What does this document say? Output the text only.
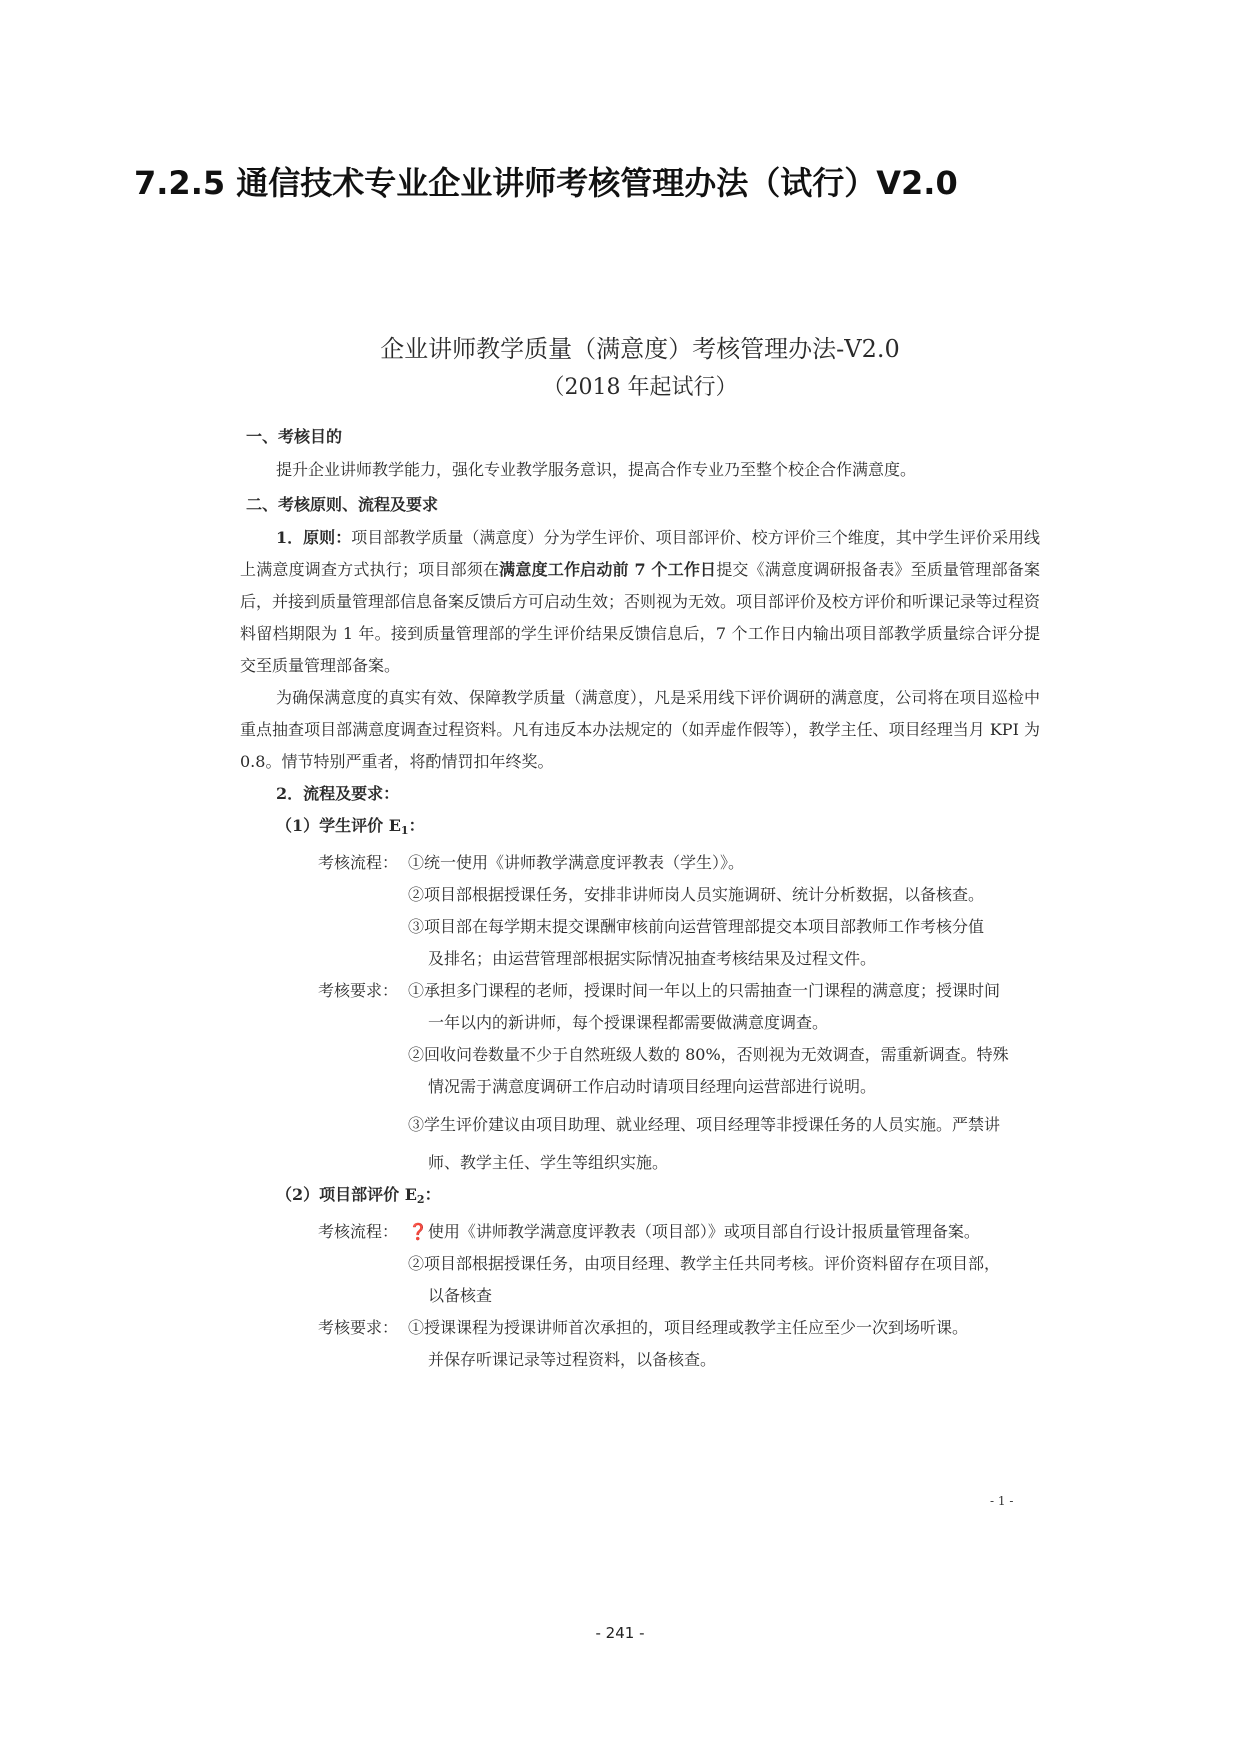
7.2.5 通信技术专业企业讲师考核管理办法（试行）V2.0

企业讲师教学质量（满意度）考核管理办法-V2.0

（2018 年起试行）

一、考核目的

提升企业讲师教学能力，强化专业教学服务意识，提高合作专业乃至整个校企合作满意度。

二、考核原则、流程及要求

1．原则：项目部教学质量（满意度）分为学生评价、项目部评价、校方评价三个维度，其中学生评价采用线上满意度调查方式执行；项目部须在满意度工作启动前 7 个工作日提交《满意度调研报备表》至质量管理部备案后，并接到质量管理部信息备案反馈后方可启动生效；否则视为无效。项目部评价及校方评价和听课记录等过程资料留档期限为 1 年。接到质量管理部的学生评价结果反馈信息后，7 个工作日内输出项目部教学质量综合评分提交至质量管理部备案。

为确保满意度的真实有效、保障教学质量（满意度），凡是采用线下评价调研的满意度，公司将在项目巡检中重点抽查项目部满意度调查过程资料。凡有违反本办法规定的（如弄虚作假等），教学主任、项目经理当月 KPI 为 0.8。情节特别严重者，将酌情罚扣年终奖。

2．流程及要求：
（1）学生评价 $E_1$：
考核流程： ①统一使用《讲师教学满意度评教表（学生）》。
②项目部根据授课任务，安排非讲师岗人员实施调研、统计分析数据，以备核查。
③项目部在每学期末提交课酬审核前向运营管理部提交本项目部教师工作考核分值
及排名；由运营管理部根据实际情况抽查考核结果及过程文件。
考核要求： ①承担多门课程的老师，授课时间一年以上的只需抽查一门课程的满意度；授课时间
一年以内的新讲师，每个授课课程都需要做满意度调查。
②回收问卷数量不少于自然班级人数的 80%，否则视为无效调查，需重新调查。特殊
情况需于满意度调研工作启动时请项目经理向运营部进行说明。
③学生评价建议由项目助理、就业经理、项目经理等非授课任务的人员实施。严禁讲
师、教学主任、学生等组织实施。
（2）项目部评价 $E_2$：
考核流程： ❓使用《讲师教学满意度评教表（项目部）》或项目部自行设计报质量管理备案。
②项目部根据授课任务，由项目经理、教学主任共同考核。评价资料留存在项目部，
以备核查
考核要求： ①授课课程为授课讲师首次承担的，项目经理或教学主任应至少一次到场听课。
并保存听课记录等过程资料，以备核查。
- 1 -
- 241 -
